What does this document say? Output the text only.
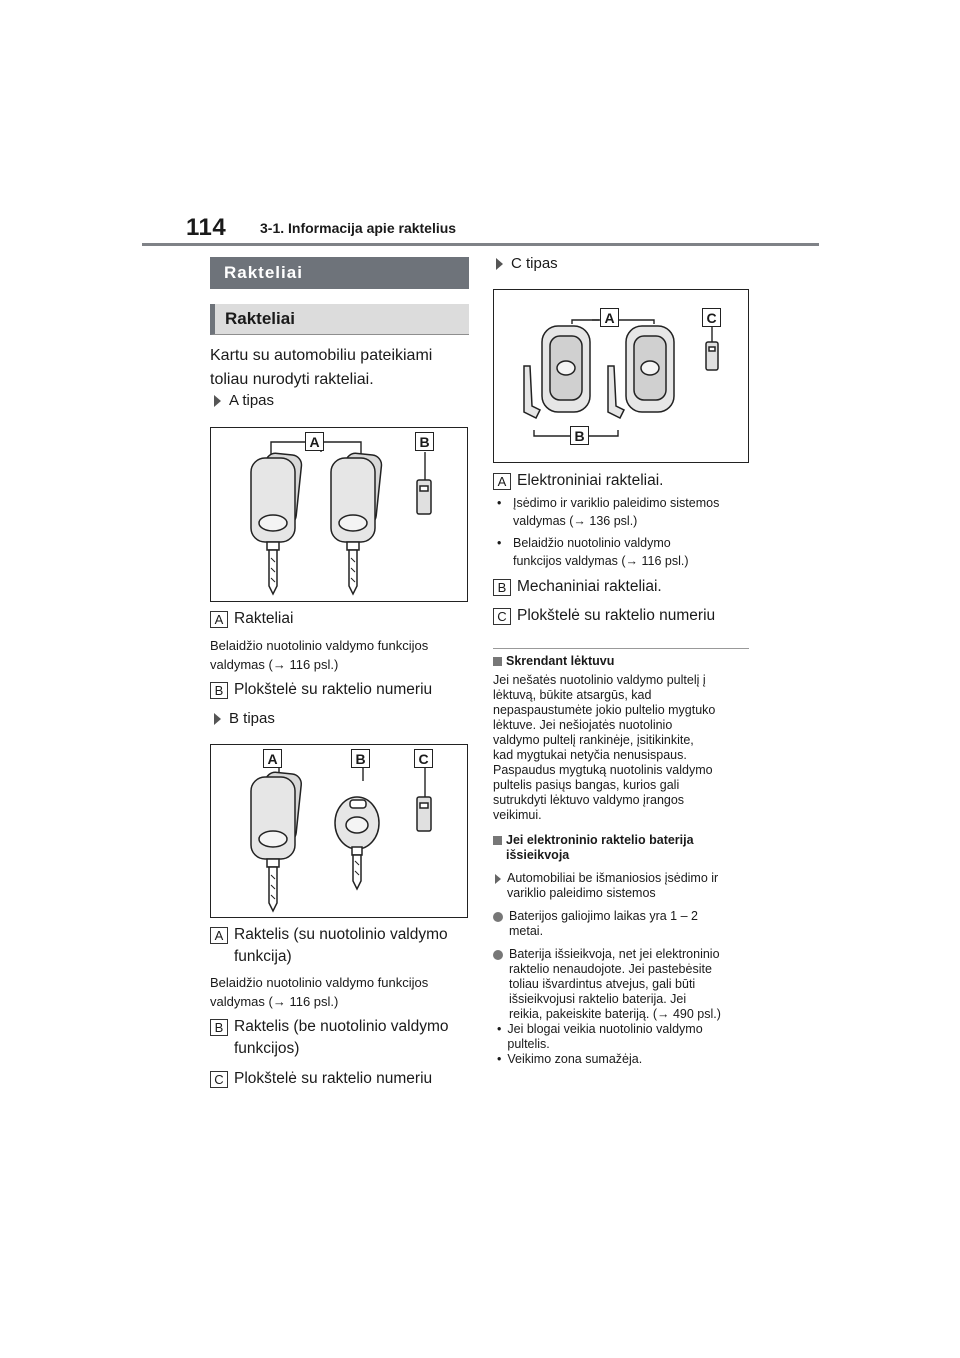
114 3-1. Informacija apie raktelius
Rakteliai
Rakteliai
Kartu su automobiliu pateikiami
toliau nurodyti rakteliai.
A tipas
A	B
A Rakteliai
Belaidžio nuotolinio valdymo funkcijos
valdymas (→ 116 psl.)
B Plokštelė su raktelio numeriu
B tipas
A	B	C
A Raktelis (su nuotolinio valdymo
funkcija)
Belaidžio nuotolinio valdymo funkcijos
valdymas (→ 116 psl.)
B Raktelis (be nuotolinio valdymo
funkcijos)
C Plokštelė su raktelio numeriu
C tipas
A	C
B
A Elektroniniai rakteliai.
• Įsėdimo ir variklio paleidimo sistemos
valdymas (→ 136 psl.)
• Belaidžio nuotolinio valdymo
funkcijos valdymas (→ 116 psl.)
B Mechaniniai rakteliai.
C Plokštelė su raktelio numeriu
Skrendant lėktuvu
Jei nešatės nuotolinio valdymo pultelį į
lėktuvą, būkite atsargūs, kad
nepaspaustumėte jokio pultelio mygtuko
lėktuve. Jei nešiojatės nuotolinio
valdymo pultelį rankinėje, įsitikinkite,
kad mygtukai netyčia nenusispaus.
Paspaudus mygtuką nuotolinis valdymo
pultelis pasiųs bangas, kurios gali
sutrukdyti lėktuvo valdymo įrangos
veikimui.
Jei elektroninio raktelio baterija
išsieikvoja
Automobiliai be išmaniosios įsėdimo ir
variklio paleidimo sistemos
Baterijos galiojimo laikas yra 1 – 2
metai.
Baterija išsieikvoja, net jei elektroninio
raktelio nenaudojote. Jei pastebėsite
toliau išvardintus atvejus, gali būti
išsieikvojusi raktelio baterija. Jei
reikia, pakeiskite bateriją. (→ 490 psl.)
• Jei blogai veikia nuotolinio valdymo
pultelis.
• Veikimo zona sumažėja.
